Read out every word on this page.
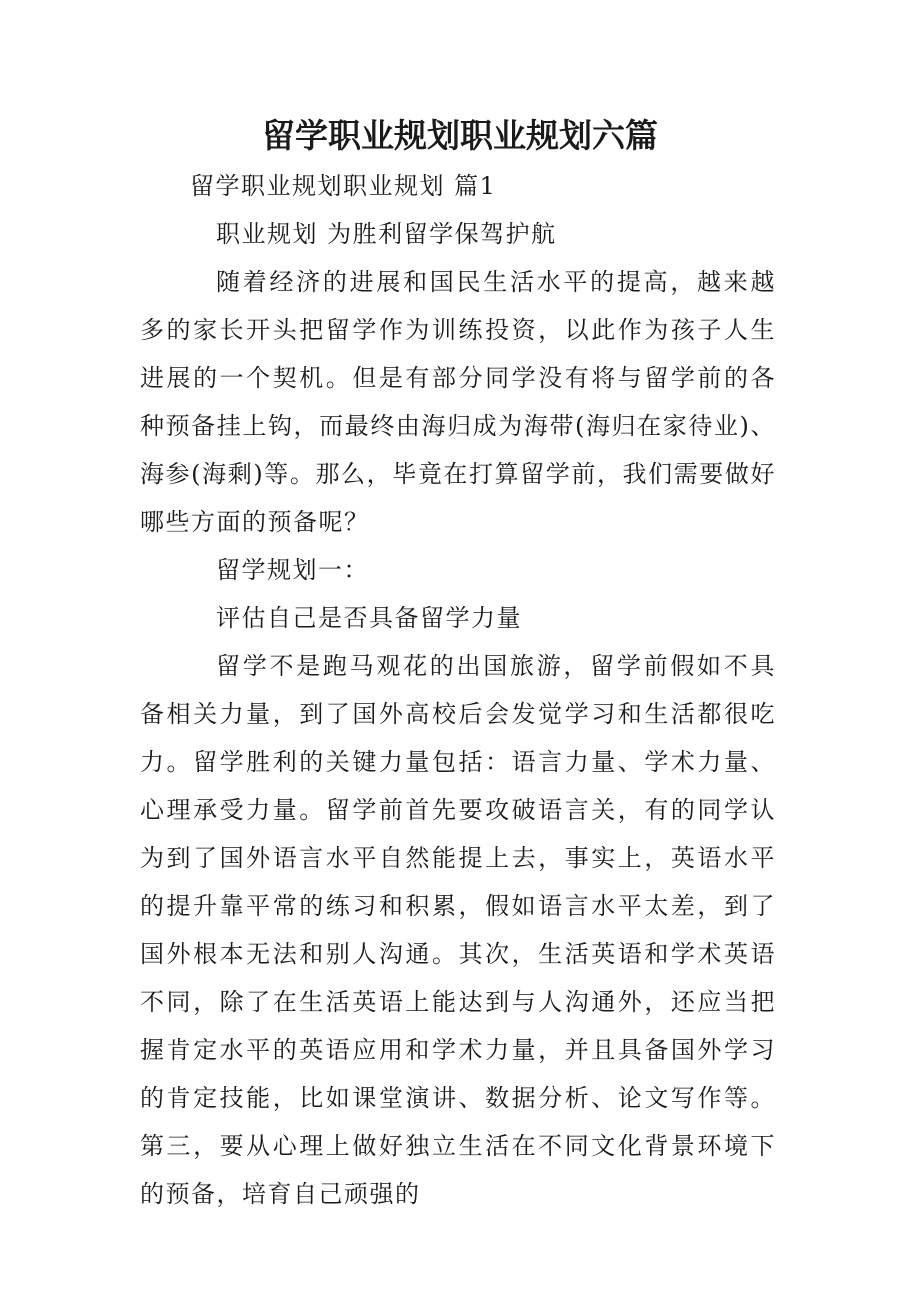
留学职业规划职业规划六篇

留学职业规划职业规划 篇1

职业规划 为胜利留学保驾护航

随着经济的进展和国民生活水平的提高，越来越多的家长开头把留学作为训练投资，以此作为孩子人生进展的一个契机。但是有部分同学没有将与留学前的各种预备挂上钩，而最终由海归成为海带(海归在家待业)、海参(海剩)等。那么，毕竟在打算留学前，我们需要做好哪些方面的预备呢？

留学规划一：

评估自己是否具备留学力量

留学不是跑马观花的出国旅游，留学前假如不具备相关力量，到了国外高校后会发觉学习和生活都很吃力。留学胜利的关键力量包括：语言力量、学术力量、心理承受力量。留学前首先要攻破语言关，有的同学认为到了国外语言水平自然能提上去，事实上，英语水平的提升靠平常的练习和积累，假如语言水平太差，到了国外根本无法和别人沟通。其次，生活英语和学术英语不同，除了在生活英语上能达到与人沟通外，还应当把握肯定水平的英语应用和学术力量，并且具备国外学习的肯定技能，比如课堂演讲、数据分析、论文写作等。第三，要从心理上做好独立生活在不同文化背景环境下的预备，培育自己顽强的
